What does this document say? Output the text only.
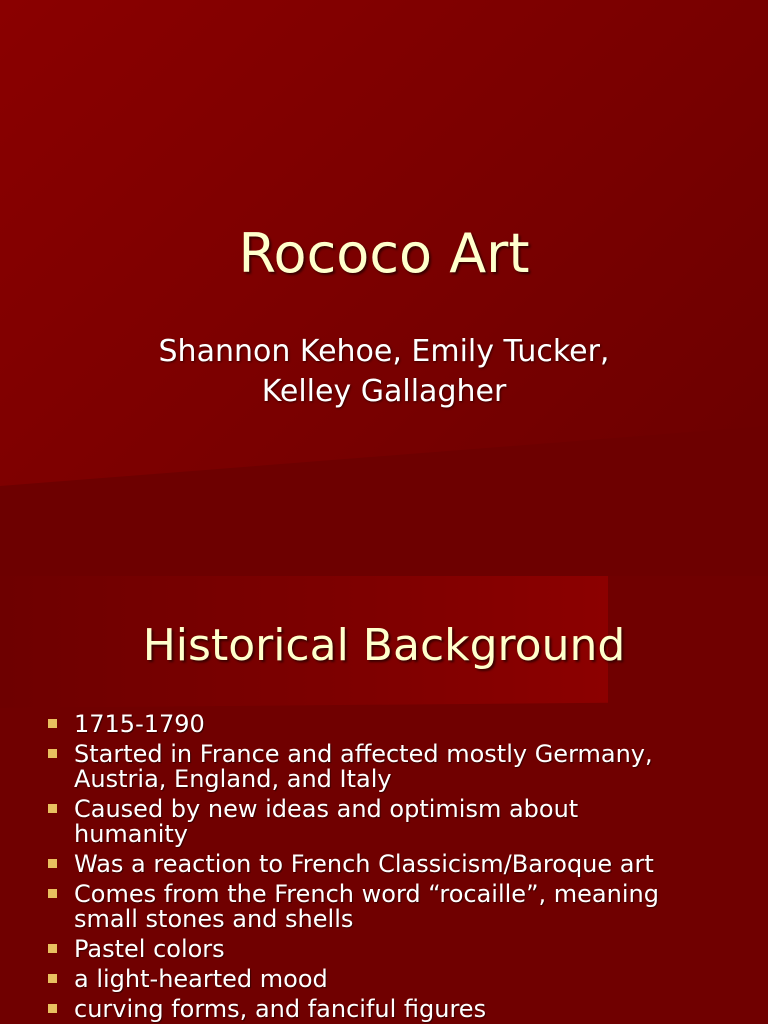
Rococo Art

Shannon Kehoe, Emily Tucker,
Kelley Gallagher

Historical Background
1715-1790
Started in France and affected mostly Germany,
Austria, England, and Italy
Caused by new ideas and optimism about
humanity
Was a reaction to French Classicism/Baroque art
Comes from the French word “rocaille”, meaning
small stones and shells
Pastel colors
a light-hearted mood
curving forms, and fanciful figures
